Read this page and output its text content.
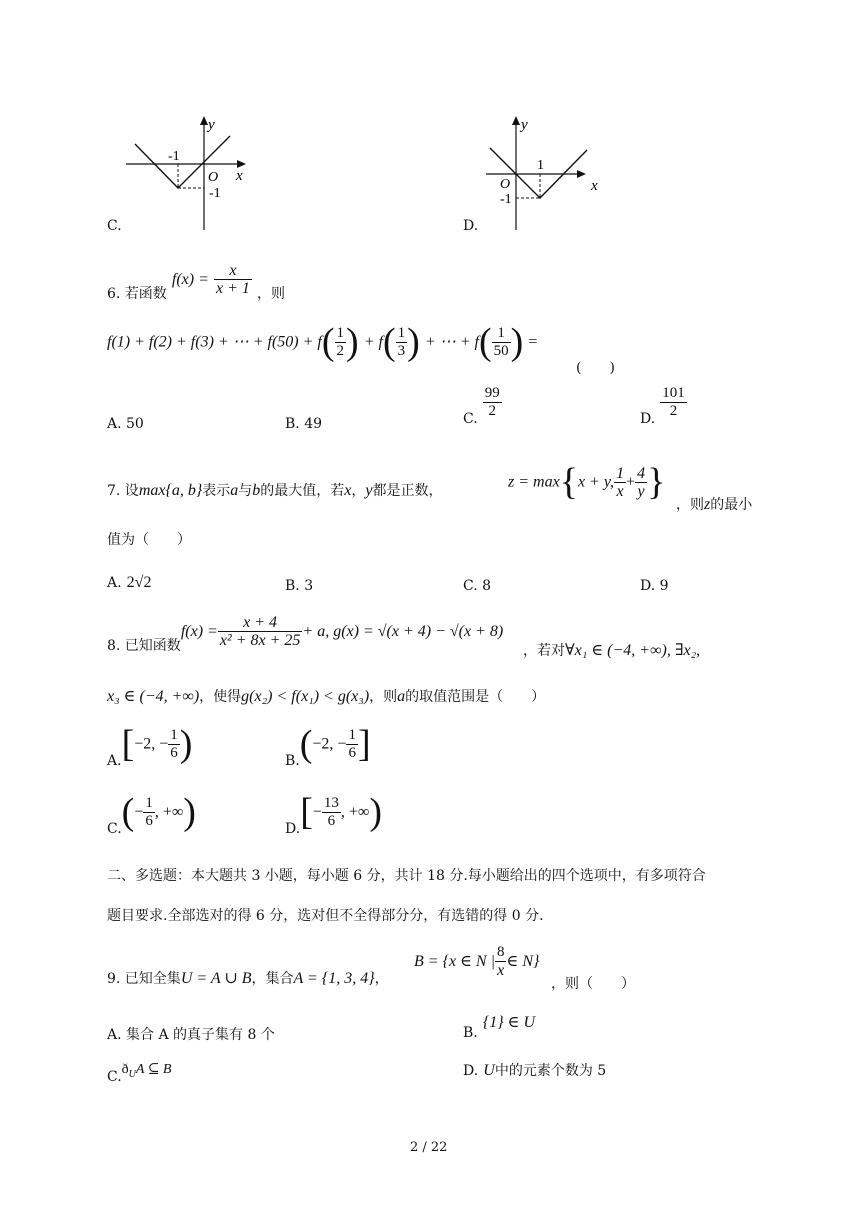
y
x
O
-1
-1
C.
y
x
O
1
-1
D.
6. 若函数 $f(x) = \frac{x}{x + 1}$ ，则
f(1) + f(2) + f(3) + ⋯ + $f(50) + f( \frac{1}{2}$ ) + $f( \frac{1}{3}$ ) + ⋯ + $f( \frac{1}{50}$ ) =
(　　)
A. 50	B. 49	C. $\frac{99}{2}$	D. $\frac{101}{2}$
7. 设max{a, b}表示a与b的最大值，若x，y都是正数，
z = max{x + y, $\frac{1}{x} + \frac{4}{y}$ }
，则z的最小
值为（　　）
A. 2√2	B. 3	C. 8	D. 9
8. 已知函数$f(x) = \frac{x + 4}{\text{x² + 8x + 25}} + a$, g(x) = √(x + 4) − √(x + 8)
，若对∀x₁ ∈ (−4, +∞), ∃x₂,
x₃ ∈ (−4, +∞)，使得g(x₂) < f(x₁) < g(x₃)，则a的取值范围是（　　）
A.[−2, − $\frac{1}{6}$ )	B.(−2, − $\frac{1}{6}$ ]
$C.(- \frac{1}{6}$ , +∞)	$D.[- \frac{13}{6}$ , +∞)
二、多选题：本大题共 3 小题，每小题 6 分，共计 18 分.每小题给出的四个选项中，有多项符合
题目要求.全部选对的得 6 分，选对但不全得部分分，有选错的得 0 分.
9. 已知全集U = A ∪ B，集合A = {1, 3, 4}，
B = {x ∈ N | $\frac{8}{x}$ ∈ N}
，则（　　）
A. 集合 A 的真子集有 8 个	B. {1} ∈ U
$C.ð_UA$ ⊆ B	D. U中的元素个数为 5
2 / 22
